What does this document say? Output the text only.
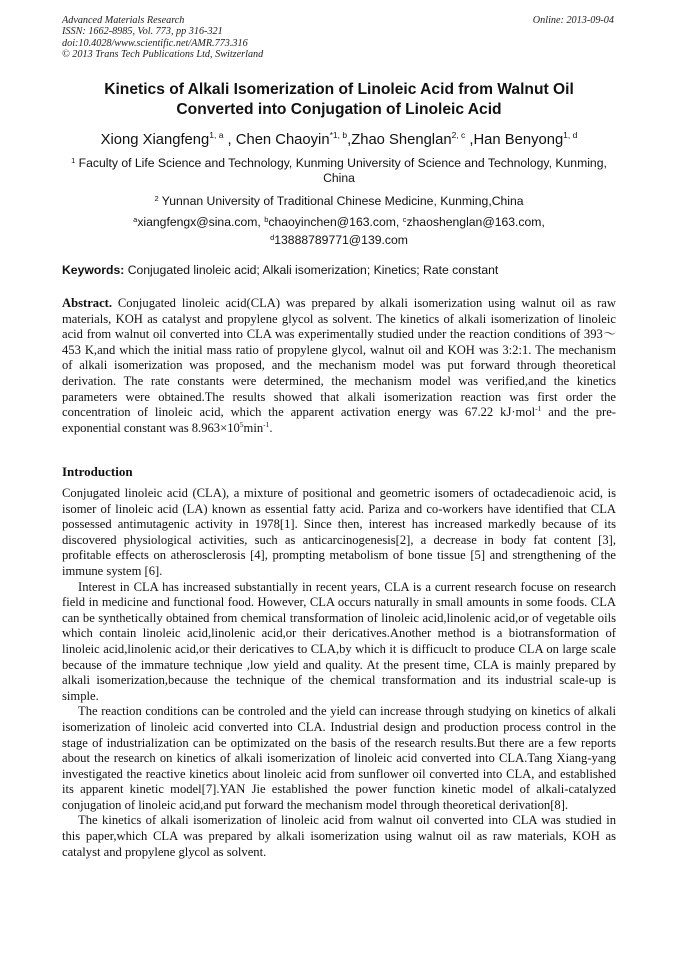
Advanced Materials Research
ISSN: 1662-8985, Vol. 773, pp 316-321
doi:10.4028/www.scientific.net/AMR.773.316
© 2013 Trans Tech Publications Ltd, Switzerland
Online: 2013-09-04
Kinetics of Alkali Isomerization of Linoleic Acid from Walnut Oil
Converted into Conjugation of Linoleic Acid
Xiong Xiangfeng$^{1, a}$ , Chen Chaoyin$^{*1, b}$,Zhao Shenglan$^{2, c}$ ,Han Benyong$^{1, d}$
$^1$ Faculty of Life Science and Technology, Kunming University of Science and Technology, Kunming, China
$^2$ Yunnan University of Traditional Chinese Medicine, Kunming,China
$^a$xiangfengx@sina.com, $^b$chaoyinchen@163.com, $^c$zhaoshenglan@163.com,
$^d$13888789771@139.com
Keywords: Conjugated linoleic acid; Alkali isomerization; Kinetics; Rate constant
Abstract. Conjugated linoleic acid(CLA) was prepared by alkali isomerization using walnut oil as raw materials, KOH as catalyst and propylene glycol as solvent. The kinetics of alkali isomerization of linoleic acid from walnut oil converted into CLA was experimentally studied under the reaction conditions of 393～453 K,and which the initial mass ratio of propylene glycol, walnut oil and KOH was 3:2:1. The mechanism of alkali isomerization was proposed, and the mechanism model was put forward through theoretical derivation. The rate constants were determined, the mechanism model was verified,and the kinetics parameters were obtained.The results showed that alkali isomerization reaction was first order the concentration of linoleic acid, which the apparent activation energy was 67.22 kJ·mol$^{-1}$ and the pre-exponential constant was $8.963\times 10^5\min^{-1}$.
Introduction

Conjugated linoleic acid (CLA), a mixture of positional and geometric isomers of octadecadienoic acid, is isomer of linoleic acid (LA) known as essential fatty acid. Pariza and co-workers have identified that CLA possessed antimutagenic activity in 1978[1]. Since then, interest has increased markedly because of its discovered physiological activities, such as anticarcinogenesis[2], a decrease in body fat content [3], profitable effects on atherosclerosis [4], prompting metabolism of bone tissue [5] and strengthening of the immune system [6].

Interest in CLA has increased substantially in recent years, CLA is a current research focuse on research field in medicine and functional food. However, CLA occurs naturally in small amounts in some foods. CLA can be synthetically obtained from chemical transformation of linoleic acid,linolenic acid,or of vegetable oils which contain linoleic acid,linolenic acid,or their dericatives.Another method is a biotransformation of linoleic acid,linolenic acid,or their dericatives to CLA,by which it is difficuclt to produce CLA on large scale because of the immature technique ,low yield and quality. At the present time, CLA is mainly prepared by alkali isomerization,because the technique of the chemical transformation and its industrial scale-up is simple.

The reaction conditions can be controled and the yield can increase through studying on kinetics of alkali isomerization of linoleic acid converted into CLA. Industrial design and production process control in the stage of industrialization can be optimizated on the basis of the research results.But there are a few reports about the research on kinetics of alkali isomerization of linoleic acid converted into CLA.Tang Xiang-yang investigated the reactive kinetics about linoleic acid from sunflower oil converted into CLA, and established its apparent kinetic model[7].YAN Jie established the power function kinetic model of alkali-catalyzed conjugation of linoleic acid,and put forward the mechanism model through theoretical derivation[8].

The kinetics of alkali isomerization of linoleic acid from walnut oil converted into CLA was studied in this paper,which CLA was prepared by alkali isomerization using walnut oil as raw materials, KOH as catalyst and propylene glycol as solvent.
